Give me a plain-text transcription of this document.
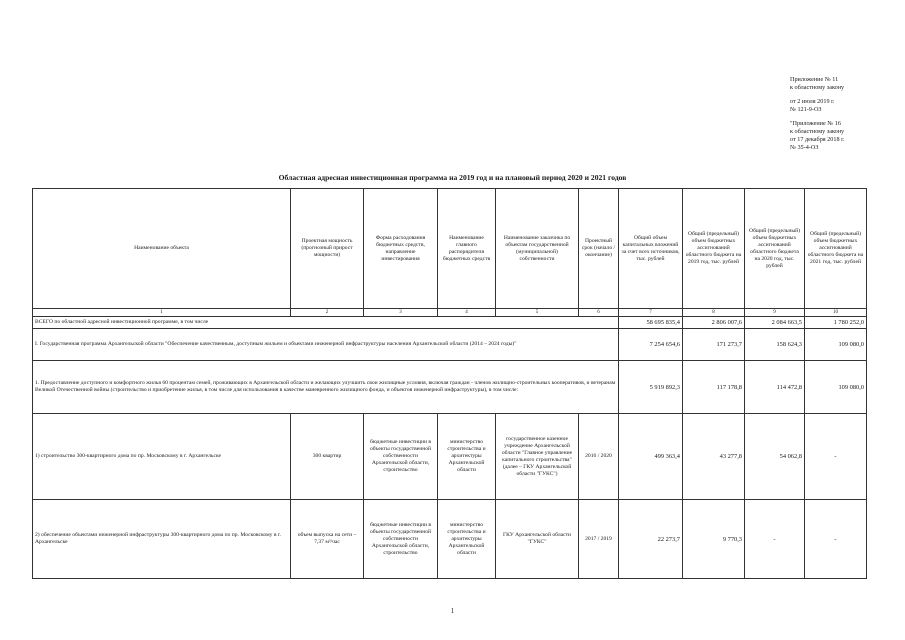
Приложение № 11
к областному закону
от 2 июля 2019 г.
№ 121-9-ОЗ
"Приложение № 16
к областному закону
от 17 декабря 2018 г.
№ 35-4-ОЗ
Областная адресная инвестиционная программа на 2019 год и на плановый период 2020 и 2021 годов
Наименование объекта	Проектная мощность (прогнозный прирост мощности)	Форма расходования бюджетных средств, направление инвестирования	Наименование главного распорядителя бюджетных средств	Наименование заказчика по объектам государственной (муниципальной) собственности	Проектный срок (начало / окончание)	Общий объем капитальных вложений за счет всех источников, тыс. рублей	Общий (предельный) объем бюджетных ассигнований областного бюджета на 2019 год, тыс. рублей	Общий (предельный) объем бюджетных ассигнований областного бюджета на 2020 год, тыс. рублей	Общий (предельный) объем бюджетных ассигнований областного бюджета на 2021 год, тыс. рублей
1	2	3	4	5	6	7	8	9	10
ВСЕГО по областной адресной инвестиционной программе, в том числе						58 695 835,4	2 806 007,6	2 084 663,5	1 780 252,0
I. Государственная программа Архангельской области "Обеспечение качественным, доступным жильем и объектами инженерной инфраструктуры населения Архангельской области (2014 – 2024 годы)"						7 254 654,6	171 273,7	158 624,3	109 080,0
1. Предоставление доступного и комфортного жилья 60 процентам семей, проживающих в Архангельской области и желающих улучшить свои жилищные условия, включая граждан - членов жилищно-строительных кооперативов, и ветеранам Великой Отечественной войны (строительство и приобретение жилья, в том числе для использования в качестве маневренного жилищного фонда, и объектов инженерной инфраструктуры), в том числе:						5 919 892,3	117 178,8	114 472,8	109 080,0
1) строительство 300-квартирного дома по пр. Московскому в г. Архангельске	300 квартир	бюджетные инвестиции в объекты государственной собственности Архангельской области, строительство	министерство строительства и архитектуры Архангельской области	государственное казенное учреждение Архангельской области "Главное управление капитального строительства" (далее – ГКУ Архангельской области "ГУКС")	2016 / 2020	499 363,4	43 277,8	54 062,8	-
2) обеспечение объектами инженерной инфраструктуры 300-квартирного дома по пр. Московскому в г. Архангельске	объем выпуска на сети – 7,37 м³/час	бюджетные инвестиции в объекты государственной собственности Архангельской области, строительство	министерство строительства и архитектуры Архангельской области	ГКУ Архангельской области "ГУКС"	2017 / 2019	22 273,7	9 770,3	-	-
1
